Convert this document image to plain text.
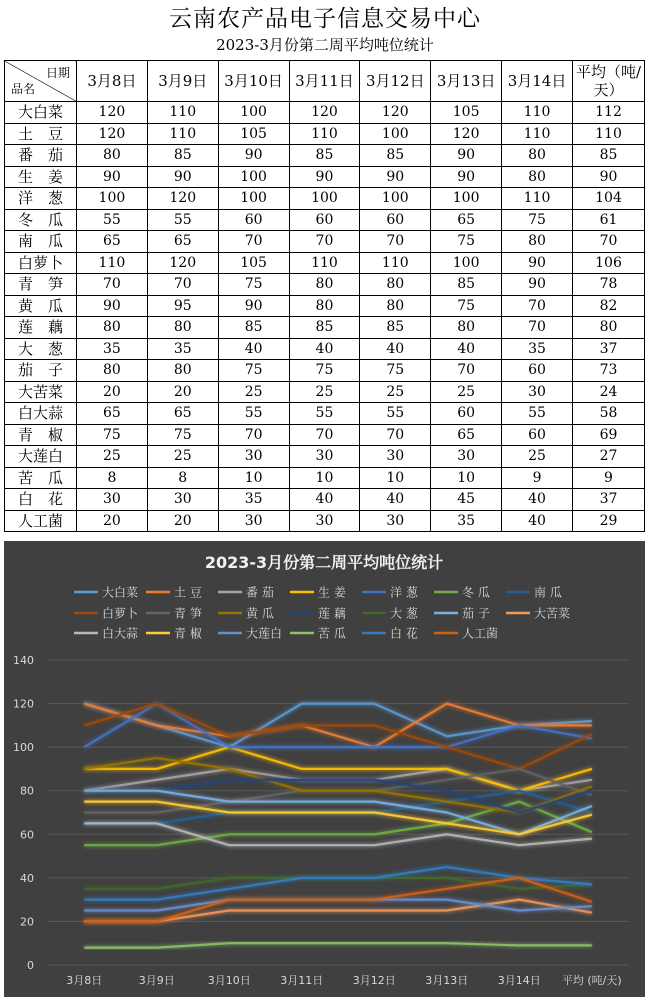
云南农产品电子信息交易中心
2023-3月份第二周平均吨位统计
日期
品名	3月8日	3月9日	3月10日	3月11日	3月12日	3月13日	3月14日	平均（吨/天）
大白菜	120	110	100	120	120	105	110	112
土　豆	120	110	105	110	100	120	110	110
番　茄	80	85	90	85	85	90	80	85
生　姜	90	90	100	90	90	90	80	90
洋　葱	100	120	100	100	100	100	110	104
冬　瓜	55	55	60	60	60	65	75	61
南　瓜	65	65	70	70	70	75	80	70
白萝卜	110	120	105	110	110	100	90	106
青　笋	70	70	75	80	80	85	90	78
黄　瓜	90	95	90	80	80	75	70	82
莲　藕	80	80	85	85	85	80	70	80
大　葱	35	35	40	40	40	40	35	37
茄　子	80	80	75	75	75	70	60	73
大苦菜	20	20	25	25	25	25	30	24
白大蒜	65	65	55	55	55	60	55	58
青　椒	75	75	70	70	70	65	60	69
大莲白	25	25	30	30	30	30	25	27
苦　瓜	8	8	10	10	10	10	9	9
白　花	30	30	35	40	40	45	40	37
人工菌	20	20	30	30	30	35	40	29
2023-3月份第二周平均吨位统计
大白菜	土 豆	番 茄	生 姜	洋 葱	冬 瓜	南 瓜
白萝卜	青 笋	黄 瓜	莲 藕	大 葱	茄 子	大苦菜
白大蒜	青 椒	大莲白	苦 瓜	白 花	人工菌
0
20
40
60
80
100
120
140
3月8日	3月9日	3月10日	3月11日	3月12日	3月13日	3月14日 平均 (吨/天)
